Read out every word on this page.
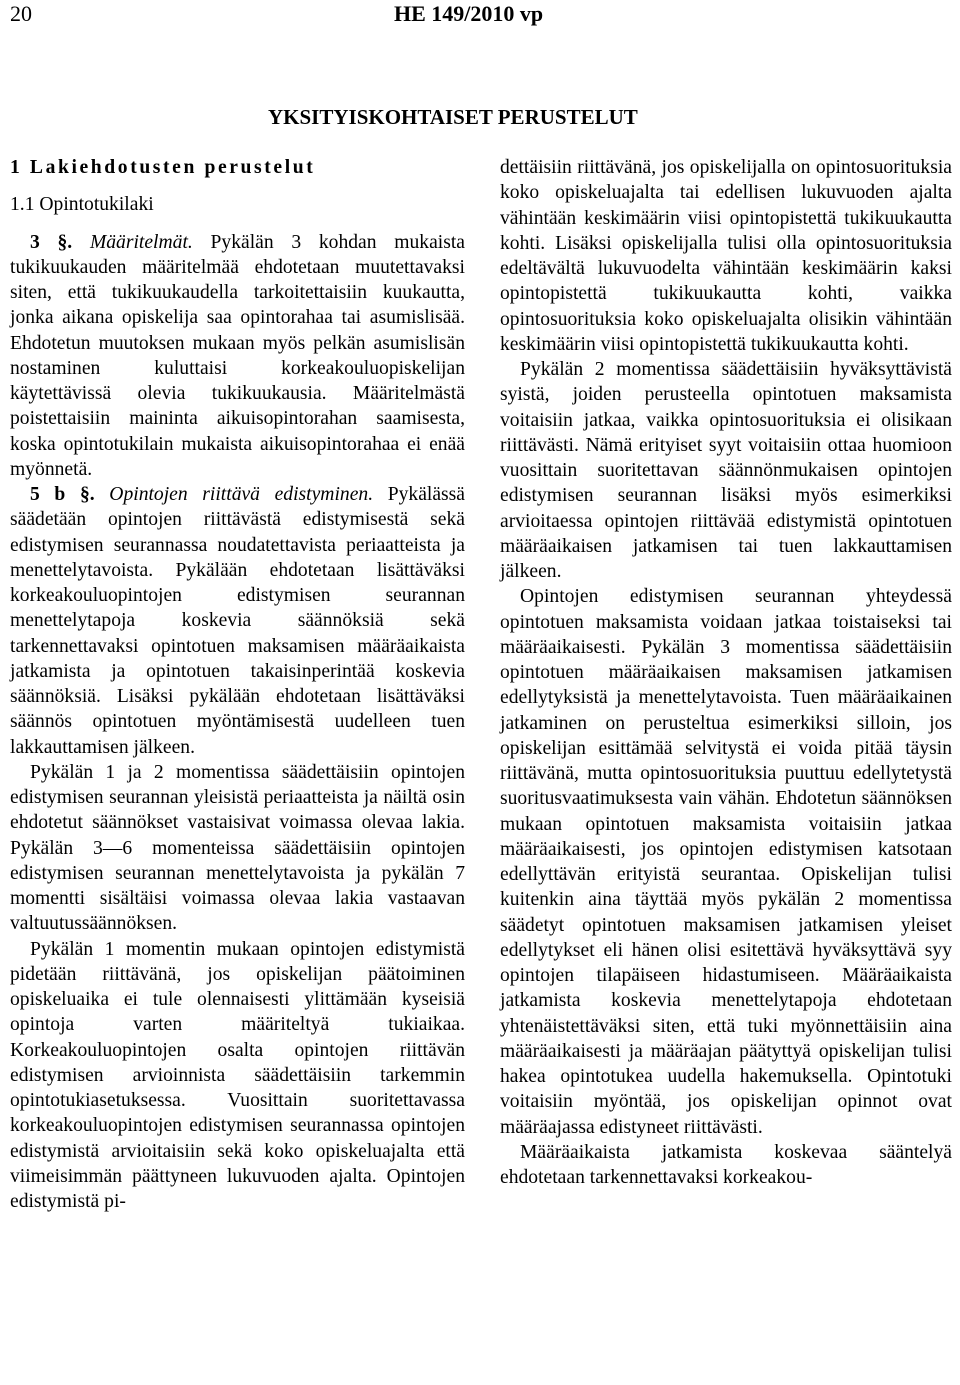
20	HE 149/2010 vp
YKSITYISKOHTAISET PERUSTELUT

1 Lakiehdotusten perustelut

1.1 Opintotukilaki

3 §. Määritelmät. Pykälän 3 kohdan mukaista tukikuukauden määritelmää ehdotetaan muutettavaksi siten, että tukikuukaudella tarkoitettaisiin kuukautta, jonka aikana opiskelija saa opintorahaa tai asumislisää. Ehdotetun muutoksen mukaan myös pelkän asumislisän nostaminen kuluttaisi korkeakouluopiskelijan käytettävissä olevia tukikuukausia. Määritelmästä poistettaisiin maininta aikuisopintorahan saamisesta, koska opintotukilain mukaista aikuisopintorahaa ei enää myönnetä.

5 b §. Opintojen riittävä edistyminen. Pykälässä säädetään opintojen riittävästä edistymisestä sekä edistymisen seurannassa noudatettavista periaatteista ja menettelytavoista. Pykälään ehdotetaan lisättäväksi korkeakouluopintojen edistymisen seurannan menettelytapoja koskevia säännöksiä sekä tarkennettavaksi opintotuen maksamisen määräaikaista jatkamista ja opintotuen takaisinperintää koskevia säännöksiä. Lisäksi pykälään ehdotetaan lisättäväksi säännös opintotuen myöntämisestä uudelleen tuen lakkauttamisen jälkeen.

Pykälän 1 ja 2 momentissa säädettäisiin opintojen edistymisen seurannan yleisistä periaatteista ja näiltä osin ehdotetut säännökset vastaisivat voimassa olevaa lakia. Pykälän 3—6 momenteissa säädettäisiin opintojen edistymisen seurannan menettelytavoista ja pykälän 7 momentti sisältäisi voimassa olevaa lakia vastaavan valtuutussäännöksen.

Pykälän 1 momentin mukaan opintojen edistymistä pidetään riittävänä, jos opiskelijan päätoiminen opiskeluaika ei tule olennaisesti ylittämään kyseisiä opintoja varten määriteltyä tukiaikaa. Korkeakouluopintojen osalta opintojen riittävän edistymisen arvioinnista säädettäisiin tarkemmin opintotukiasetuksessa. Vuosittain suoritettavassa korkeakouluopintojen edistymisen seurannassa opintojen edistymistä arvioitaisiin sekä koko opiskeluajalta että viimeisimmän päättyneen lukuvuoden ajalta. Opintojen edistymistä pi-

dettäisiin riittävänä, jos opiskelijalla on opintosuorituksia koko opiskeluajalta tai edellisen lukuvuoden ajalta vähintään keskimäärin viisi opintopistettä tukikuukautta kohti. Lisäksi opiskelijalla tulisi olla opintosuorituksia edeltävältä lukuvuodelta vähintään keskimäärin kaksi opintopistettä tukikuukautta kohti, vaikka opintosuorituksia koko opiskeluajalta olisikin vähintään keskimäärin viisi opintopistettä tukikuukautta kohti.

Pykälän 2 momentissa säädettäisiin hyväksyttävistä syistä, joiden perusteella opintotuen maksamista voitaisiin jatkaa, vaikka opintosuorituksia ei olisikaan riittävästi. Nämä erityiset syyt voitaisiin ottaa huomioon vuosittain suoritettavan säännönmukaisen opintojen edistymisen seurannan lisäksi myös esimerkiksi arvioitaessa opintojen riittävää edistymistä opintotuen määräaikaisen jatkamisen tai tuen lakkauttamisen jälkeen.

Opintojen edistymisen seurannan yhteydessä opintotuen maksamista voidaan jatkaa toistaiseksi tai määräaikaisesti. Pykälän 3 momentissa säädettäisiin opintotuen määräaikaisen maksamisen jatkamisen edellytyksistä ja menettelytavoista. Tuen määräaikainen jatkaminen on perusteltua esimerkiksi silloin, jos opiskelijan esittämää selvitystä ei voida pitää täysin riittävänä, mutta opintosuorituksia puuttuu edellytetystä suoritusvaatimuksesta vain vähän. Ehdotetun säännöksen mukaan opintotuen maksamista voitaisiin jatkaa määräaikaisesti, jos opintojen edistymisen katsotaan edellyttävän erityistä seurantaa. Opiskelijan tulisi kuitenkin aina täyttää myös pykälän 2 momentissa säädetyt opintotuen maksamisen jatkamisen yleiset edellytykset eli hänen olisi esitettävä hyväksyttävä syy opintojen tilapäiseen hidastumiseen. Määräaikaista jatkamista koskevia menettelytapoja ehdotetaan yhtenäistettäväksi siten, että tuki myönnettäisiin aina määräaikaisesti ja määräajan päätyttyä opiskelijan tulisi hakea opintotukea uudella hakemuksella. Opintotuki voitaisiin myöntää, jos opiskelijan opinnot ovat määräajassa edistyneet riittävästi.

Määräaikaista jatkamista koskevaa sääntelyä ehdotetaan tarkennettavaksi korkeakou-
